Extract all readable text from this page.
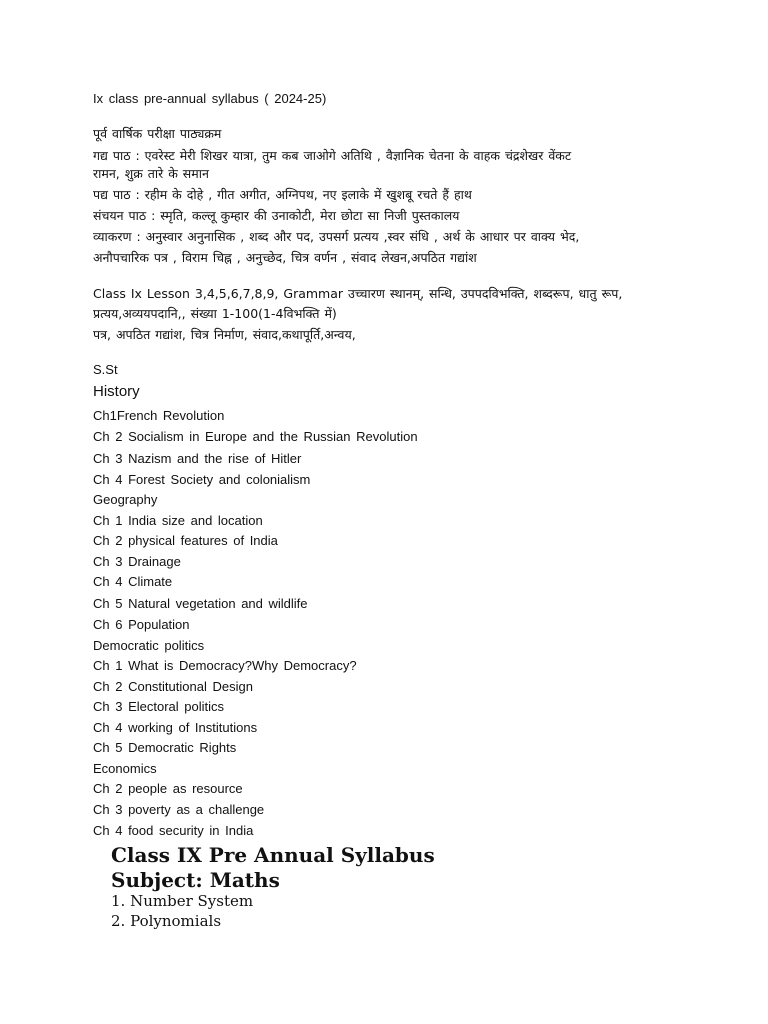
Ix class pre-annual syllabus ( 2024-25)
पूर्व वार्षिक परीक्षा पाठ्यक्रम
गद्य पाठ : एवरेस्ट मेरी शिखर यात्रा, तुम कब जाओगे अतिथि , वैज्ञानिक चेतना के वाहक चंद्रशेखर वेंकट
रामन, शुक्र तारे के समान
पद्य पाठ : रहीम के दोहे , गीत अगीत, अग्निपथ, नए इलाके में खुशबू रचते हैं हाथ
संचयन पाठ : स्मृति, कल्लू कुम्हार की उनाकोटी, मेरा छोटा सा निजी पुस्तकालय
व्याकरण : अनुस्वार अनुनासिक , शब्द और पद, उपसर्ग प्रत्यय ,स्वर संधि , अर्थ के आधार पर वाक्य भेद,
अनौपचारिक पत्र , विराम चिह्न , अनुच्छेद, चित्र वर्णन , संवाद लेखन,अपठित गद्यांश
Class Ix Lesson 3,4,5,6,7,8,9, Grammar उच्चारण स्थानम्, सन्धि, उपपदविभक्ति, शब्दरूप, धातु रूप,
प्रत्यय,अव्ययपदानि,, संख्या 1-100(1-4विभक्ति में)
पत्र, अपठित गद्यांश, चित्र निर्माण, संवाद,कथापूर्ति,अन्वय,
S.St
History
Ch1French Revolution
Ch 2 Socialism in Europe and the Russian Revolution
Ch 3 Nazism and the rise of Hitler
Ch 4 Forest Society and colonialism
Geography
Ch 1 India size and location
Ch 2 physical features of India
Ch 3 Drainage
Ch 4 Climate
Ch 5 Natural vegetation and wildlife
Ch 6 Population
Democratic politics
Ch 1 What is Democracy?Why Democracy?
Ch 2 Constitutional Design
Ch 3 Electoral politics
Ch 4 working of Institutions
Ch 5 Democratic Rights
Economics
Ch 2 people as resource
Ch 3 poverty as a challenge
Ch 4 food security in India
Class IX Pre Annual Syllabus
Subject: Maths
1. Number System
2. Polynomials
